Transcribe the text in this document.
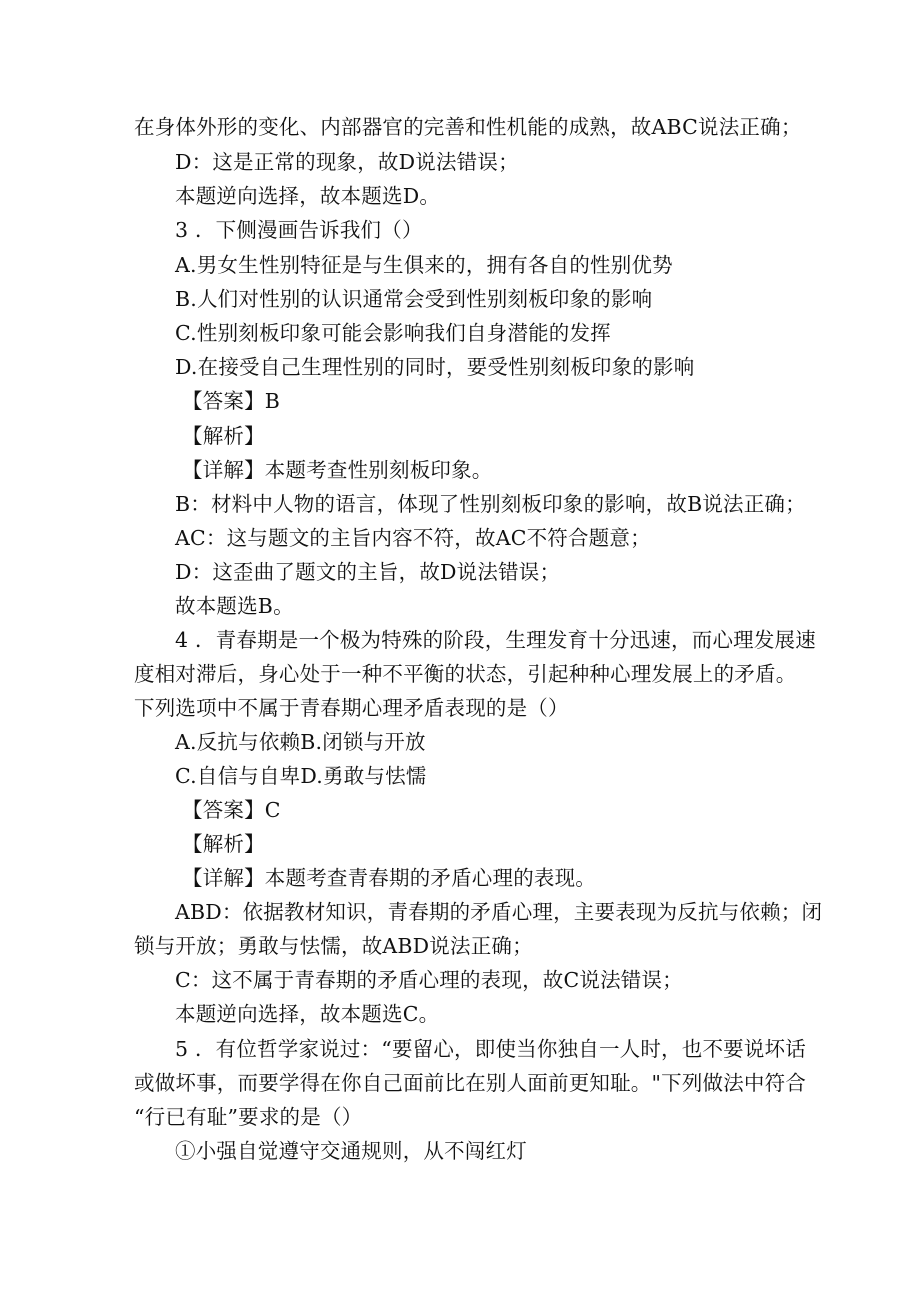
在身体外形的变化、内部器官的完善和性机能的成熟，故ABC说法正确；
D：这是正常的现象，故D说法错误；
本题逆向选择，故本题选D。
3 ．下侧漫画告诉我们（）
A.男女生性别特征是与生俱来的，拥有各自的性别优势
B.人们对性别的认识通常会受到性别刻板印象的影响
C.性别刻板印象可能会影响我们自身潜能的发挥
D.在接受自己生理性别的同时，要受性别刻板印象的影响
【答案】B
【解析】
【详解】本题考查性别刻板印象。
B：材料中人物的语言，体现了性别刻板印象的影响，故B说法正确；
AC：这与题文的主旨内容不符，故AC不符合题意；
D：这歪曲了题文的主旨，故D说法错误；
故本题选B。
4 ．青春期是一个极为特殊的阶段，生理发育十分迅速，而心理发展速
度相对滞后，身心处于一种不平衡的状态，引起种种心理发展上的矛盾。
下列选项中不属于青春期心理矛盾表现的是（）
A.反抗与依赖B.闭锁与开放
C.自信与自卑D.勇敢与怯懦
【答案】C
【解析】
【详解】本题考查青春期的矛盾心理的表现。
ABD：依据教材知识，青春期的矛盾心理，主要表现为反抗与依赖；闭
锁与开放；勇敢与怯懦，故ABD说法正确；
C：这不属于青春期的矛盾心理的表现，故C说法错误；
本题逆向选择，故本题选C。
5 ．有位哲学家说过：“要留心，即使当你独自一人时，也不要说坏话
或做坏事，而要学得在你自己面前比在别人面前更知耻。"下列做法中符合
“行已有耻”要求的是（）
①小强自觉遵守交通规则，从不闯红灯
